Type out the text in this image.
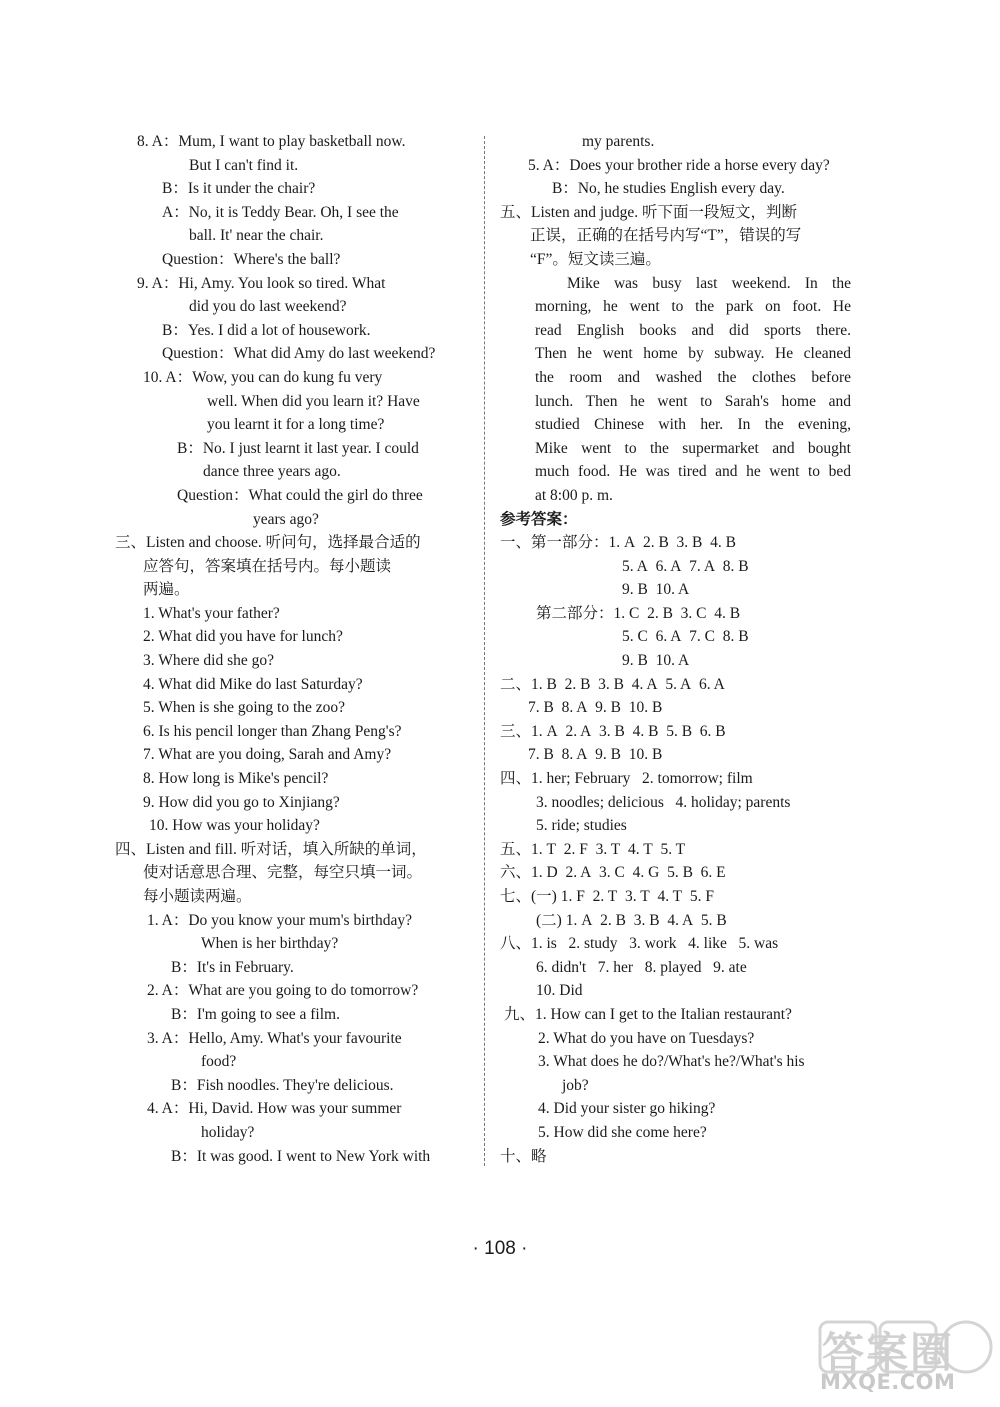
8. A：Mum, I want to play basketball now.
But I can't find it.
B：Is it under the chair?
A：No, it is Teddy Bear. Oh, I see the
ball. It' near the chair.
Question：Where's the ball?
9. A：Hi, Amy. You look so tired. What
did you do last weekend?
B：Yes. I did a lot of housework.
Question：What did Amy do last weekend?
10. A：Wow, you can do kung fu very
well. When did you learn it? Have
you learnt it for a long time?
B：No. I just learnt it last year. I could
dance three years ago.
Question：What could the girl do three
years ago?
三、Listen and choose. 听问句，选择最合适的
应答句，答案填在括号内。每小题读
两遍。
1. What's your father?
2. What did you have for lunch?
3. Where did she go?
4. What did Mike do last Saturday?
5. When is she going to the zoo?
6. Is his pencil longer than Zhang Peng's?
7. What are you doing, Sarah and Amy?
8. How long is Mike's pencil?
9. How did you go to Xinjiang?
10. How was your holiday?
四、Listen and fill. 听对话，填入所缺的单词，
使对话意思合理、完整，每空只填一词。
每小题读两遍。
1. A：Do you know your mum's birthday?
When is her birthday?
B：It's in February.
2. A：What are you going to do tomorrow?
B：I'm going to see a film.
3. A：Hello, Amy. What's your favourite
food?
B：Fish noodles. They're delicious.
4. A：Hi, David. How was your summer
holiday?
B：It was good. I went to New York with
my parents.
5. A：Does your brother ride a horse every day?
B：No, he studies English every day.
五、Listen and judge. 听下面一段短文，判断
正误，正确的在括号内写“T”，错误的写
“F”。短文读三遍。
Mike was busy last weekend. In the
morning, he went to the park on foot. He
read English books and did sports there.
Then he went home by subway. He cleaned
the room and washed the clothes before
lunch. Then he went to Sarah's home and
studied Chinese with her. In the evening,
Mike went to the supermarket and bought
much food. He was tired and he went to bed
at 8:00 p. m.
参考答案：
一、第一部分：1. A  2. B  3. B  4. B
5. A  6. A  7. A  8. B
9. B  10. A
第二部分：1. C  2. B  3. C  4. B
5. C  6. A  7. C  8. B
9. B  10. A
二、1. B  2. B  3. B  4. A  5. A  6. A
7. B  8. A  9. B  10. B
三、1. A  2. A  3. B  4. B  5. B  6. B
7. B  8. A  9. B  10. B
四、1. her; February   2. tomorrow; film
3. noodles; delicious   4. holiday; parents
5. ride; studies
五、1. T  2. F  3. T  4. T  5. T
六、1. D  2. A  3. C  4. G  5. B  6. E
七、(一) 1. F  2. T  3. T  4. T  5. F
(二) 1. A  2. B  3. B  4. A  5. B
八、1. is   2. study   3. work   4. like   5. was
6. didn't   7. her   8. played   9. ate
10. Did
九、1. How can I get to the Italian restaurant?
2. What do you have on Tuesdays?
3. What does he do?/What's he?/What's his
job?
4. Did your sister go hiking?
5. How did she come here?
十、略
· 108 ·
答案圈
MXQE.COM
